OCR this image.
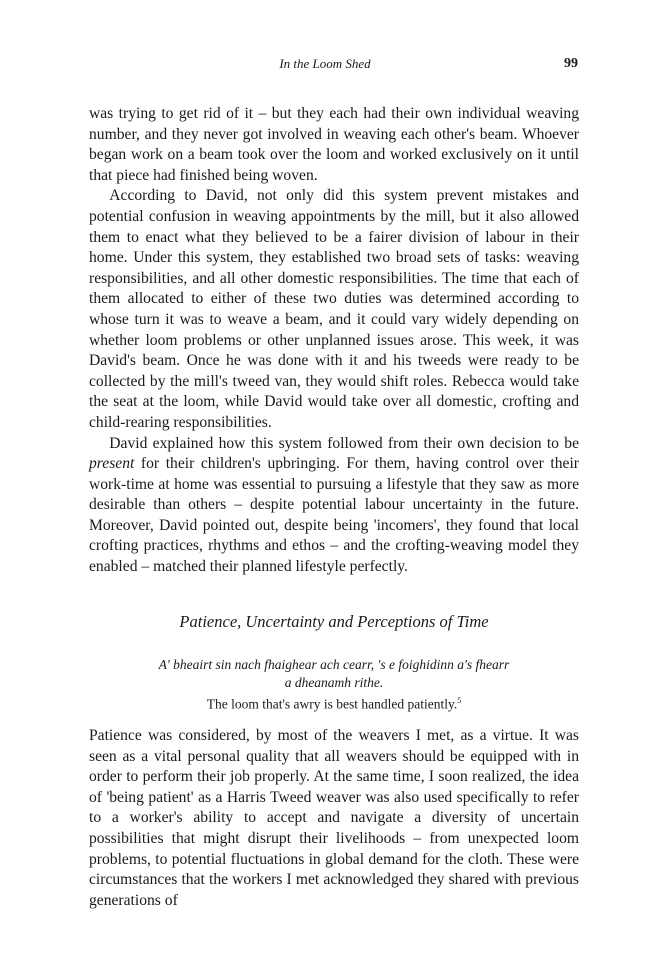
In the Loom Shed	99

was trying to get rid of it – but they each had their own individual weaving number, and they never got involved in weaving each other's beam. Whoever began work on a beam took over the loom and worked exclusively on it until that piece had finished being woven.

According to David, not only did this system prevent mistakes and potential confusion in weaving appointments by the mill, but it also allowed them to enact what they believed to be a fairer division of labour in their home. Under this system, they established two broad sets of tasks: weaving responsibilities, and all other domestic responsibilities. The time that each of them allocated to either of these two duties was determined according to whose turn it was to weave a beam, and it could vary widely depending on whether loom problems or other unplanned issues arose. This week, it was David's beam. Once he was done with it and his tweeds were ready to be collected by the mill's tweed van, they would shift roles. Rebecca would take the seat at the loom, while David would take over all domestic, crofting and child-rearing responsibilities.

David explained how this system followed from their own decision to be present for their children's upbringing. For them, having control over their work-time at home was essential to pursuing a lifestyle that they saw as more desirable than others – despite potential labour uncertainty in the future. Moreover, David pointed out, despite being 'incomers', they found that local crofting practices, rhythms and ethos – and the crofting-weaving model they enabled – matched their planned lifestyle perfectly.

Patience, Uncertainty and Perceptions of Time
A' bheairt sin nach fhaighear ach cearr, 's e foighidinn a's fhearr
a dheanamh rithe.
The loom that's awry is best handled patiently.$^5$

Patience was considered, by most of the weavers I met, as a virtue. It was seen as a vital personal quality that all weavers should be equipped with in order to perform their job properly. At the same time, I soon realized, the idea of 'being patient' as a Harris Tweed weaver was also used specifically to refer to a worker's ability to accept and navigate a diversity of uncertain possibilities that might disrupt their livelihoods – from unexpected loom problems, to potential fluctuations in global demand for the cloth. These were circumstances that the workers I met acknowledged they shared with previous generations of
